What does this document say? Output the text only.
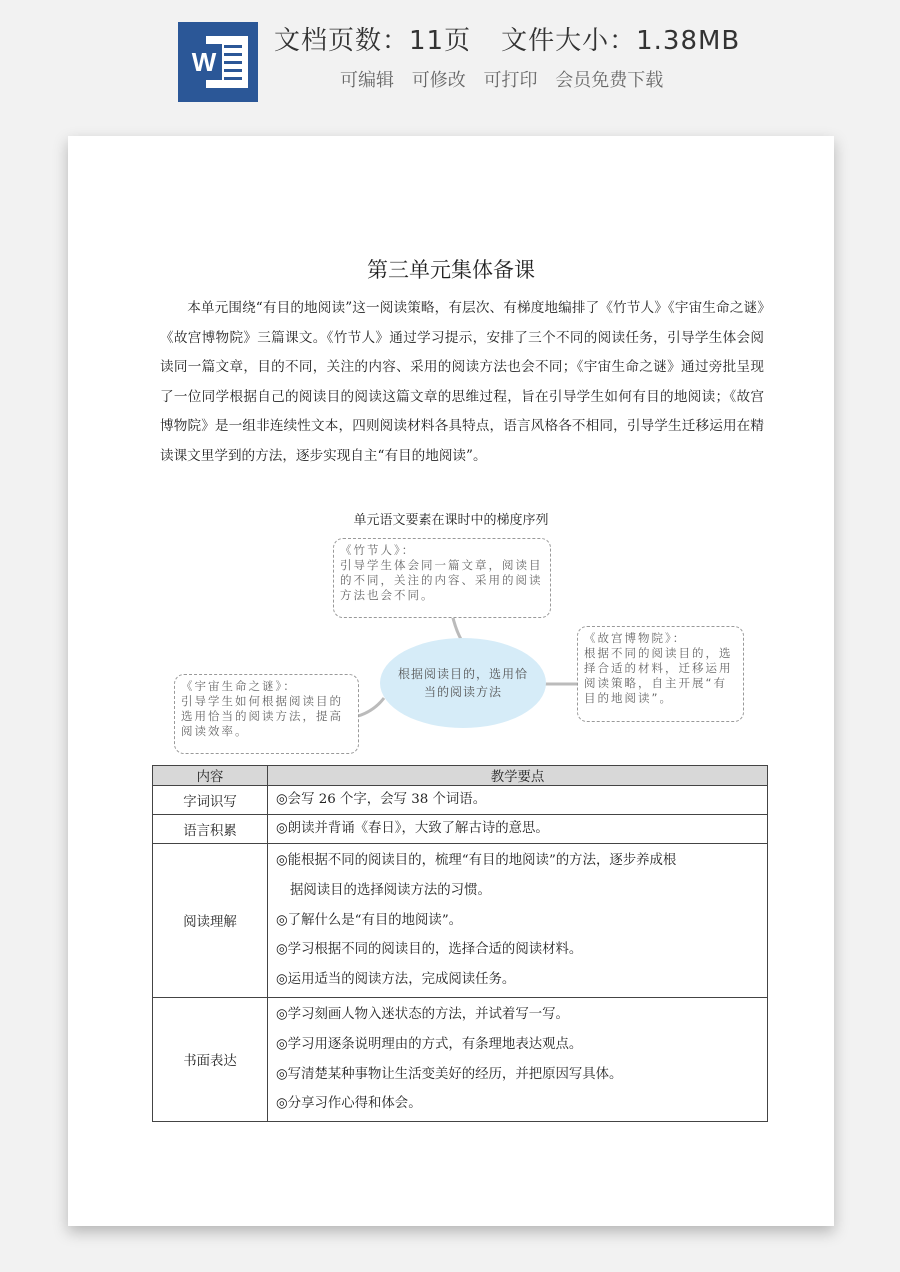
W
文档页数：11页 文件大小：1.38MB
可编辑 可修改 可打印 会员免费下载
第三单元集体备课

本单元围绕“有目的地阅读”这一阅读策略，有层次、有梯度地编排了《竹节人》《宇宙生命之谜》《故宫博物院》三篇课文。《竹节人》通过学习提示，安排了三个不同的阅读任务，引导学生体会阅读同一篇文章，目的不同，关注的内容、采用的阅读方法也会不同；《宇宙生命之谜》通过旁批呈现了一位同学根据自己的阅读目的阅读这篇文章的思维过程，旨在引导学生如何有目的地阅读；《故宫博物院》是一组非连续性文本，四则阅读材料各具特点，语言风格各不相同，引导学生迁移运用在精读课文里学到的方法，逐步实现自主“有目的地阅读”。

单元语文要素在课时中的梯度序列
《竹节人》：
引导学生体会同一篇文章，阅读目的不同，关注的内容、采用的阅读方法也会不同。
《故宫博物院》：
根据不同的阅读目的，选择合适的材料，迁移运用阅读策略，自主开展“有目的地阅读”。
《宇宙生命之谜》：
引导学生如何根据阅读目的选用恰当的阅读方法，提高阅读效率。
根据阅读目的，选用恰当的阅读方法
内容	教学要点
字词识写	◎会写 26 个字，会写 38 个词语。

语言积累	◎朗读并背诵《春日》，大致了解古诗的意思。

阅读理解	◎能根据不同的阅读目的，梳理“有目的地阅读”的方法，逐步养成根
据阅读目的选择阅读方法的习惯。
◎了解什么是“有目的地阅读”。
◎学习根据不同的阅读目的，选择合适的阅读材料。
◎运用适当的阅读方法，完成阅读任务。

书面表达	◎学习刻画人物入迷状态的方法，并试着写一写。
◎学习用逐条说明理由的方式，有条理地表达观点。
◎写清楚某种事物让生活变美好的经历，并把原因写具体。
◎分享习作心得和体会。
